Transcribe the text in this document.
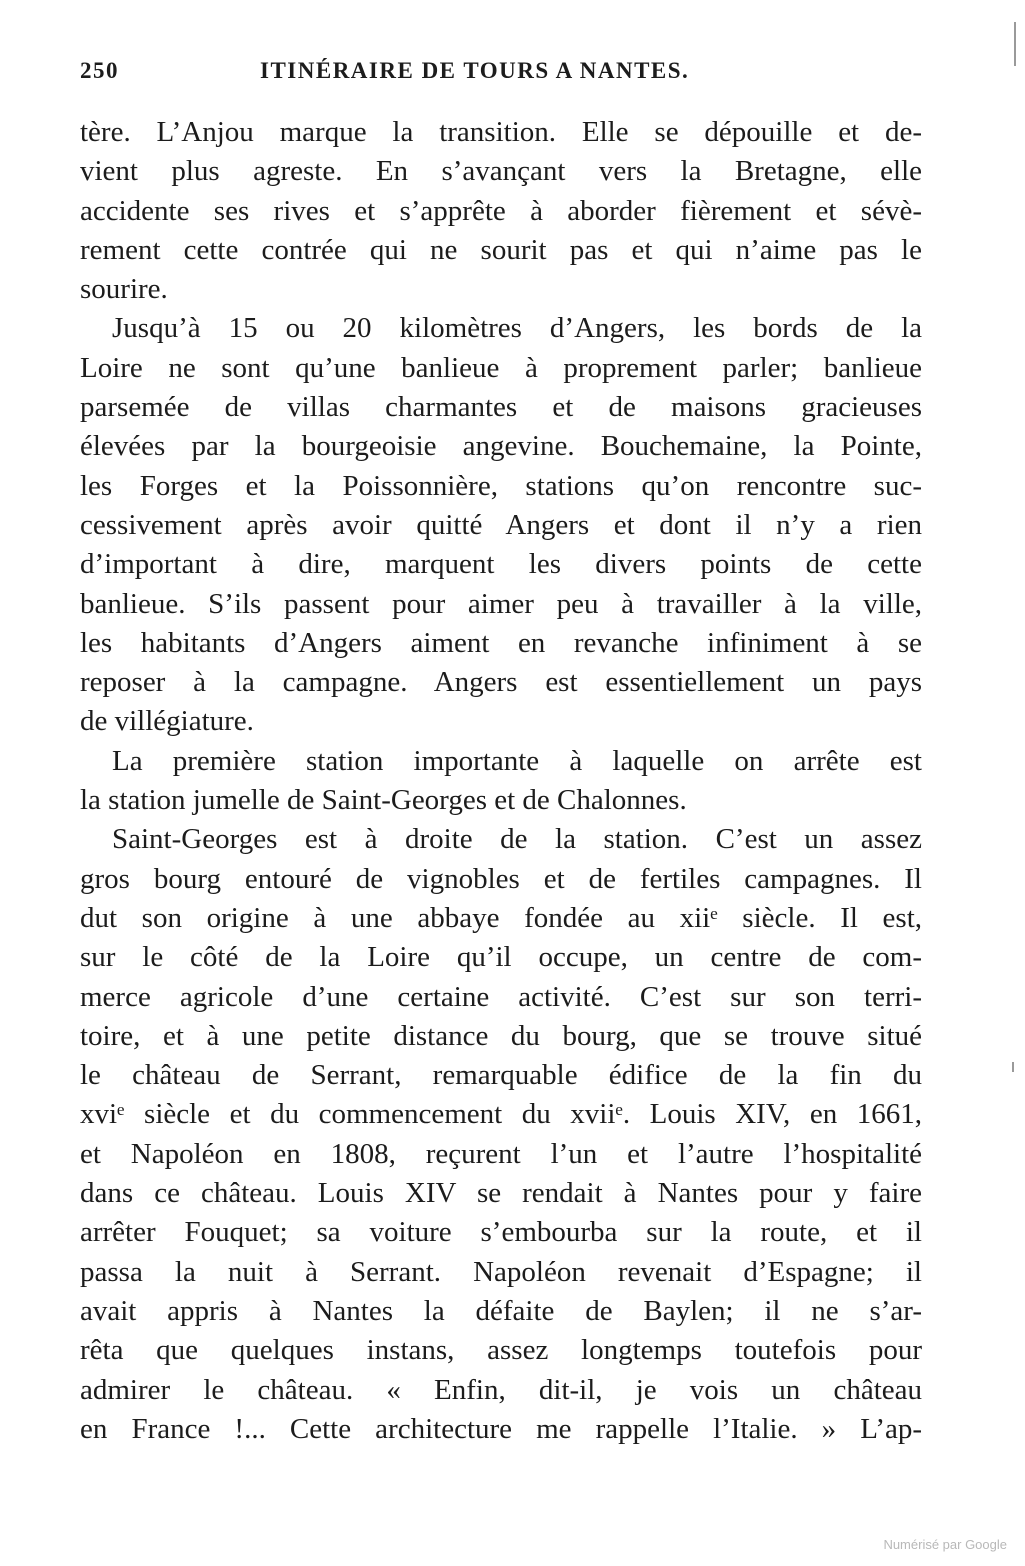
250	ITINÉRAIRE DE TOURS A NANTES.
tère. L’Anjou marque la transition. Elle se dépouille et de-
vient plus agreste. En s’avançant vers la Bretagne, elle
accidente ses rives et s’apprête à aborder fièrement et sévè-
rement cette contrée qui ne sourit pas et qui n’aime pas le
sourire.
Jusqu’à 15 ou 20 kilomètres d’Angers, les bords de la
Loire ne sont qu’une banlieue à proprement parler; banlieue
parsemée de villas charmantes et de maisons gracieuses
élevées par la bourgeoisie angevine. Bouchemaine, la Pointe,
les Forges et la Poissonnière, stations qu’on rencontre suc-
cessivement après avoir quitté Angers et dont il n’y a rien
d’important à dire, marquent les divers points de cette
banlieue. S’ils passent pour aimer peu à travailler à la ville,
les habitants d’Angers aiment en revanche infiniment à se
reposer à la campagne. Angers est essentiellement un pays
de villégiature.
La première station importante à laquelle on arrête est
la station jumelle de Saint-Georges et de Chalonnes.
Saint-Georges est à droite de la station. C’est un assez
gros bourg entouré de vignobles et de fertiles campagnes. Il
dut son origine à une abbaye fondée au xiiᵉ siècle. Il est,
sur le côté de la Loire qu’il occupe, un centre de com-
merce agricole d’une certaine activité. C’est sur son terri-
toire, et à une petite distance du bourg, que se trouve situé
le château de Serrant, remarquable édifice de la fin du
xviᵉ siècle et du commencement du xviiᵉ. Louis XIV, en 1661,
et Napoléon en 1808, reçurent l’un et l’autre l’hospitalité
dans ce château. Louis XIV se rendait à Nantes pour y faire
arrêter Fouquet; sa voiture s’embourba sur la route, et il
passa la nuit à Serrant. Napoléon revenait d’Espagne; il
avait appris à Nantes la défaite de Baylen; il ne s’ar-
rêta que quelques instans, assez longtemps toutefois pour
admirer le château. « Enfin, dit-il, je vois un château
en France !... Cette architecture me rappelle l’Italie. » L’ap-
Numérisé par Google
